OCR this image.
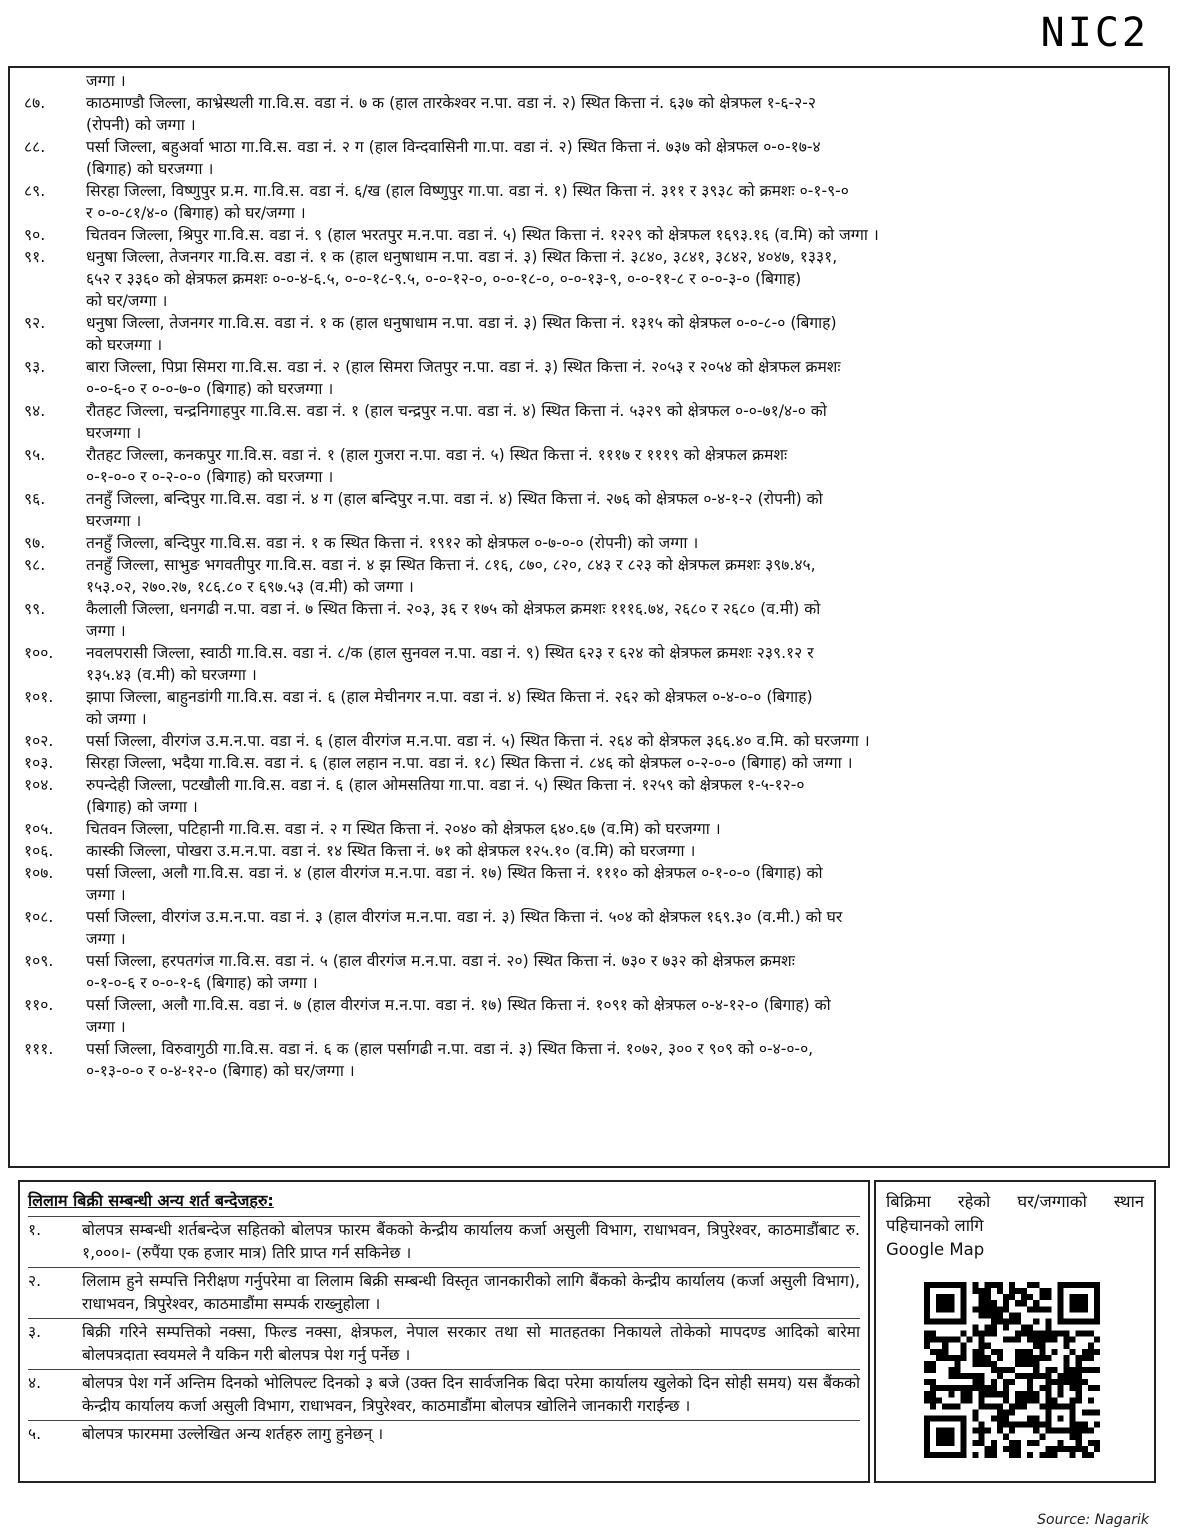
NIC2
जग्गा ।
८७.	काठमाण्डौ जिल्ला, काभ्रेस्थली गा.वि.स. वडा नं. ७ क (हाल तारकेश्वर न.पा. वडा नं. २) स्थित कित्ता नं. ६३७ को क्षेत्रफल १-६-२-२
(रोपनी) को जग्गा ।
८८.	पर्सा जिल्ला, बहुअर्वा भाठा गा.वि.स. वडा नं. २ ग (हाल विन्दवासिनी गा.पा. वडा नं. २) स्थित कित्ता नं. ७३७ को क्षेत्रफल ०-०-१७-४
(बिगाह) को घरजग्गा ।
८९.	सिरहा जिल्ला, विष्णुपुर प्र.म. गा.वि.स. वडा नं. ६/ख (हाल विष्णुपुर गा.पा. वडा नं. १) स्थित कित्ता नं. ३११ र ३९३८ को क्रमशः ०-१-९-०
र ०-०-८१/४-० (बिगाह) को घर/जग्गा ।
९०.	चितवन जिल्ला, श्रिपुर गा.वि.स. वडा नं. ९ (हाल भरतपुर म.न.पा. वडा नं. ५) स्थित कित्ता नं. १२२९ को क्षेत्रफल १६९३.१६ (व.मि) को जग्गा ।
९१.	धनुषा जिल्ला, तेजनगर गा.वि.स. वडा नं. १ क (हाल धनुषाधाम न.पा. वडा नं. ३) स्थित कित्ता नं. ३८४०, ३८४१, ३८४२, ४०४७, १३३१,
६५२ र ३३६० को क्षेत्रफल क्रमशः ०-०-४-६.५, ०-०-१८-९.५, ०-०-१२-०, ०-०-१८-०, ०-०-१३-९, ०-०-११-८ र ०-०-३-० (बिगाह)
को घर/जग्गा ।
९२.	धनुषा जिल्ला, तेजनगर गा.वि.स. वडा नं. १ क (हाल धनुषाधाम न.पा. वडा नं. ३) स्थित कित्ता नं. १३१५ को क्षेत्रफल ०-०-८-० (बिगाह)
को घरजग्गा ।
९३.	बारा जिल्ला, पिप्रा सिमरा गा.वि.स. वडा नं. २ (हाल सिमरा जितपुर न.पा. वडा नं. ३) स्थित कित्ता नं. २०५३ र २०५४ को क्षेत्रफल क्रमशः
०-०-६-० र ०-०-७-० (बिगाह) को घरजग्गा ।
९४.	रौतहट जिल्ला, चन्द्रनिगाहपुर गा.वि.स. वडा नं. १ (हाल चन्द्रपुर न.पा. वडा नं. ४) स्थित कित्ता नं. ५३२९ को क्षेत्रफल ०-०-७१/४-० को
घरजग्गा ।
९५.	रौतहट जिल्ला, कनकपुर गा.वि.स. वडा नं. १ (हाल गुजरा न.पा. वडा नं. ५) स्थित कित्ता नं. १११७ र १११९ को क्षेत्रफल क्रमशः
०-१-०-० र ०-२-०-० (बिगाह) को घरजग्गा ।
९६.	तनहुँ जिल्ला, बन्दिपुर गा.वि.स. वडा नं. ४ ग (हाल बन्दिपुर न.पा. वडा नं. ४) स्थित कित्ता नं. २७६ को क्षेत्रफल ०-४-१-२ (रोपनी) को
घरजग्गा ।
९७.	तनहुँ जिल्ला, बन्दिपुर गा.वि.स. वडा नं. १ क स्थित कित्ता नं. १९१२ को क्षेत्रफल ०-७-०-० (रोपनी) को जग्गा ।
९८.	तनहुँ जिल्ला, साभुङ भगवतीपुर गा.वि.स. वडा नं. ४ झ स्थित कित्ता नं. ८१६, ८७०, ८२०, ८४३ र ८२३ को क्षेत्रफल क्रमशः ३९७.४५,
१५३.०२, २७०.२७, १८६.८० र ६९७.५३ (व.मी) को जग्गा ।
९९.	कैलाली जिल्ला, धनगढी न.पा. वडा नं. ७ स्थित कित्ता नं. २०३, ३६ र १७५ को क्षेत्रफल क्रमशः १११६.७४, २६८० र २६८० (व.मी) को
जग्गा ।
१००.	नवलपरासी जिल्ला, स्वाठी गा.वि.स. वडा नं. ८/क (हाल सुनवल न.पा. वडा नं. ९) स्थित ६२३ र ६२४ को क्षेत्रफल क्रमशः २३९.१२ र
१३५.४३ (व.मी) को घरजग्गा ।
१०१.	झापा जिल्ला, बाहुनडांगी गा.वि.स. वडा नं. ६ (हाल मेचीनगर न.पा. वडा नं. ४) स्थित कित्ता नं. २६२ को क्षेत्रफल ०-४-०-० (बिगाह)
को जग्गा ।
१०२.	पर्सा जिल्ला, वीरगंज उ.म.न.पा. वडा नं. ६ (हाल वीरगंज म.न.पा. वडा नं. ५) स्थित कित्ता नं. २६४ को क्षेत्रफल ३६६.४० व.मि. को घरजग्गा ।
१०३.	सिरहा जिल्ला, भदैया गा.वि.स. वडा नं. ६ (हाल लहान न.पा. वडा नं. १८) स्थित कित्ता नं. ८४६ को क्षेत्रफल ०-२-०-० (बिगाह) को जग्गा ।
१०४.	रुपन्देही जिल्ला, पटखौली गा.वि.स. वडा नं. ६ (हाल ओमसतिया गा.पा. वडा नं. ५) स्थित कित्ता नं. १२५९ को क्षेत्रफल १-५-१२-०
(बिगाह) को जग्गा ।
१०५.	चितवन जिल्ला, पटिहानी गा.वि.स. वडा नं. २ ग स्थित कित्ता नं. २०४० को क्षेत्रफल ६४०.६७ (व.मि) को घरजग्गा ।
१०६.	कास्की जिल्ला, पोखरा उ.म.न.पा. वडा नं. १४ स्थित कित्ता नं. ७१ को क्षेत्रफल १२५.१० (व.मि) को घरजग्गा ।
१०७.	पर्सा जिल्ला, अलौ गा.वि.स. वडा नं. ४ (हाल वीरगंज म.न.पा. वडा नं. १७) स्थित कित्ता नं. १११० को क्षेत्रफल ०-१-०-० (बिगाह) को
जग्गा ।
१०८.	पर्सा जिल्ला, वीरगंज उ.म.न.पा. वडा नं. ३ (हाल वीरगंज म.न.पा. वडा नं. ३) स्थित कित्ता नं. ५०४ को क्षेत्रफल १६९.३० (व.मी.) को घर
जग्गा ।
१०९.	पर्सा जिल्ला, हरपतगंज गा.वि.स. वडा नं. ५ (हाल वीरगंज म.न.पा. वडा नं. २०) स्थित कित्ता नं. ७३० र ७३२ को क्षेत्रफल क्रमशः
०-१-०-६ र ०-०-१-६ (बिगाह) को जग्गा ।
११०.	पर्सा जिल्ला, अलौ गा.वि.स. वडा नं. ७ (हाल वीरगंज म.न.पा. वडा नं. १७) स्थित कित्ता नं. १०९१ को क्षेत्रफल ०-४-१२-० (बिगाह) को
जग्गा ।
१११.	पर्सा जिल्ला, विरुवागुठी गा.वि.स. वडा नं. ६ क (हाल पर्सागढी न.पा. वडा नं. ३) स्थित कित्ता नं. १०७२, ३०० र ९०९ को ०-४-०-०,
०-१३-०-० र ०-४-१२-० (बिगाह) को घर/जग्गा ।
लिलाम बिक्री सम्बन्धी अन्य शर्त बन्देजहरु:
१.	बोलपत्र सम्बन्धी शर्तबन्देज सहितको बोलपत्र फारम बैंकको केन्द्रीय कार्यालय कर्जा असुली विभाग, राधाभवन, त्रिपुरेश्वर, काठमाडौंबाट रु. १,०००।- (रुपैंया एक हजार मात्र) तिरि प्राप्त गर्न सकिनेछ ।
२.	लिलाम हुने सम्पत्ति निरीक्षण गर्नुपरेमा वा लिलाम बिक्री सम्बन्धी विस्तृत जानकारीको लागि बैंकको केन्द्रीय कार्यालय (कर्जा असुली विभाग), राधाभवन, त्रिपुरेश्वर, काठमाडौंमा सम्पर्क राख्नुहोला ।
३.	बिक्री गरिने सम्पत्तिको नक्सा, फिल्ड नक्सा, क्षेत्रफल, नेपाल सरकार तथा सो मातहतका निकायले तोकेको मापदण्ड आदिको बारेमा बोलपत्रदाता स्वयमले नै यकिन गरी बोलपत्र पेश गर्नु पर्नेछ ।
४.	बोलपत्र पेश गर्ने अन्तिम दिनको भोलिपल्ट दिनको ३ बजे (उक्त दिन सार्वजनिक बिदा परेमा कार्यालय खुलेको दिन सोही समय) यस बैंकको केन्द्रीय कार्यालय कर्जा असुली विभाग, राधाभवन, त्रिपुरेश्वर, काठमाडौंमा बोलपत्र खोलिने जानकारी गराईन्छ ।
५.	बोलपत्र फारममा उल्लेखित अन्य शर्तहरु लागु हुनेछन् ।
बिक्रिमा रहेको घर/जग्गाको स्थान पहिचानको लागि
Google Map
Source: Nagarik
